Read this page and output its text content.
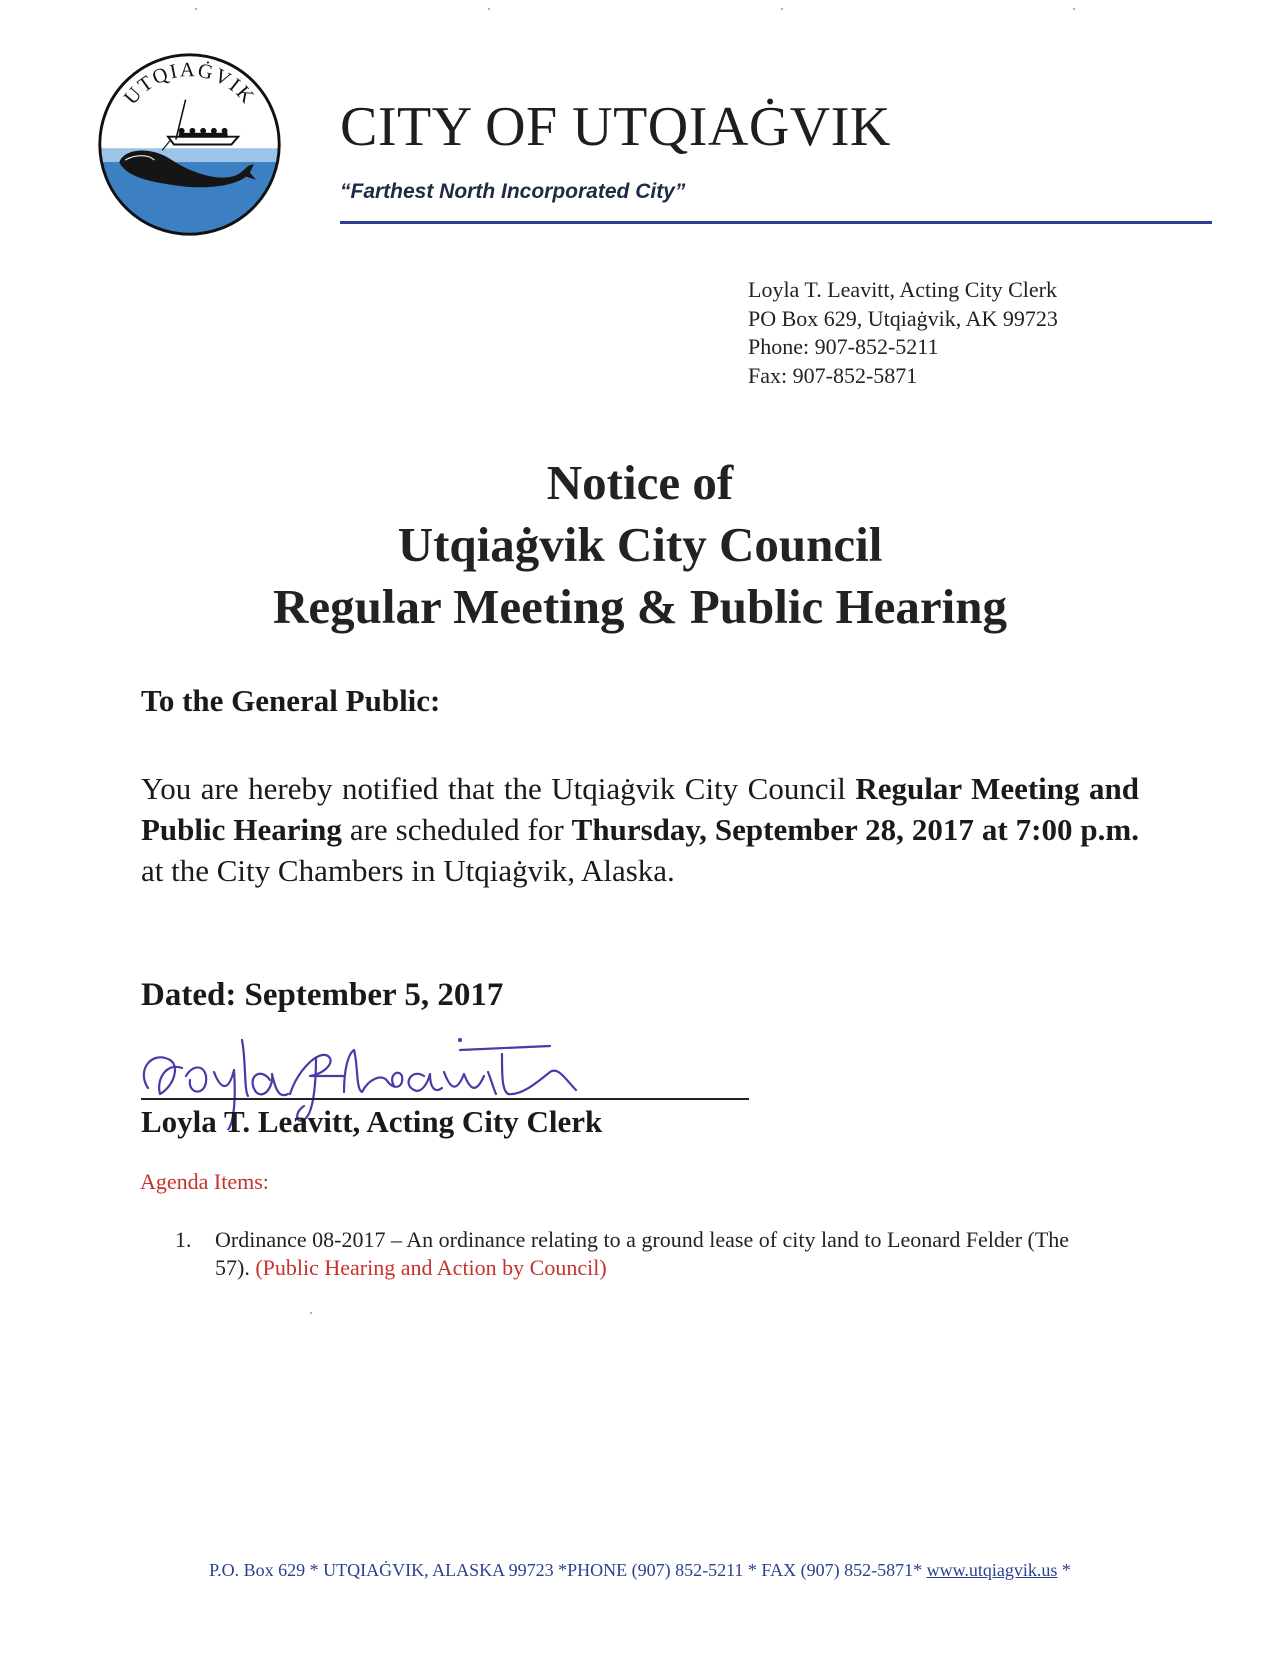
UTQIAĠVIK
CITY OF UTQIAĠVIK
“Farthest North Incorporated City”
Loyla T. Leavitt, Acting City Clerk
PO Box 629, Utqiaġvik, AK 99723
Phone: 907-852-5211
Fax: 907-852-5871
Notice of
Utqiaġvik City Council
Regular Meeting & Public Hearing
To the General Public:
You are hereby notified that the Utqiaġvik City Council Regular Meeting and Public Hearing are scheduled for Thursday, September 28, 2017 at 7:00 p.m. at the City Chambers in Utqiaġvik, Alaska.
Dated: September 5, 2017
Loyla T. Leavitt, Acting City Clerk
Agenda Items:
1. Ordinance 08-2017 – An ordinance relating to a ground lease of city land to Leonard Felder (The 57). (Public Hearing and Action by Council)
P.O. Box 629 * UTQIAĠVIK, ALASKA 99723 *PHONE (907) 852-5211 * FAX (907) 852-5871* www.utqiagvik.us *
